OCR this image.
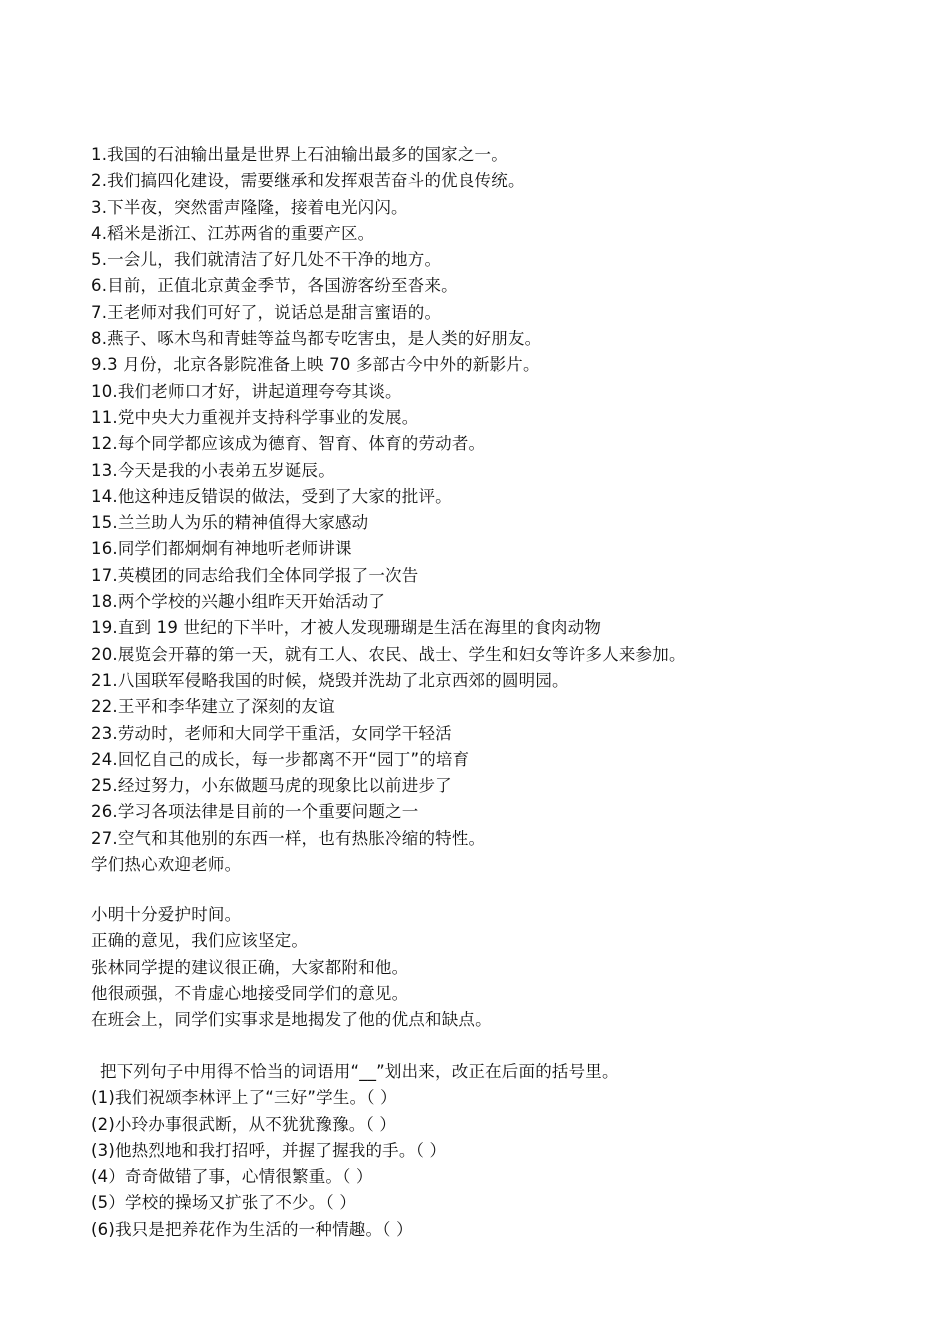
1.我国的石油输出量是世界上石油输出最多的国家之一。
2.我们搞四化建设，需要继承和发挥艰苦奋斗的优良传统。
3.下半夜，突然雷声隆隆，接着电光闪闪。
4.稻米是浙江、江苏两省的重要产区。
5.一会儿，我们就清洁了好几处不干净的地方。
6.目前，正值北京黄金季节，各国游客纷至沓来。
7.王老师对我们可好了，说话总是甜言蜜语的。
8.燕子、啄木鸟和青蛙等益鸟都专吃害虫，是人类的好朋友。
9.3 月份，北京各影院准备上映 70 多部古今中外的新影片。
10.我们老师口才好，讲起道理夸夸其谈。
11.党中央大力重视并支持科学事业的发展。
12.每个同学都应该成为德育、智育、体育的劳动者。
13.今天是我的小表弟五岁诞辰。
14.他这种违反错误的做法，受到了大家的批评。
15.兰兰助人为乐的精神值得大家感动
16.同学们都炯炯有神地听老师讲课
17.英模团的同志给我们全体同学报了一次告
18.两个学校的兴趣小组昨天开始活动了
19.直到 19 世纪的下半叶，才被人发现珊瑚是生活在海里的食肉动物
20.展览会开幕的第一天，就有工人、农民、战士、学生和妇女等许多人来参加。
21.八国联军侵略我国的时候，烧毁并洗劫了北京西郊的圆明园。
22.王平和李华建立了深刻的友谊
23.劳动时，老师和大同学干重活，女同学干轻活
24.回忆自己的成长，每一步都离不开“园丁”的培育
25.经过努力，小东做题马虎的现象比以前进步了
26.学习各项法律是目前的一个重要问题之一
27.空气和其他别的东西一样，也有热胀冷缩的特性。
学们热心欢迎老师。
小明十分爱护时间。
正确的意见，我们应该坚定。
张林同学提的建议很正确，大家都附和他。
他很顽强，不肯虚心地接受同学们的意见。
在班会上，同学们实事求是地揭发了他的优点和缺点。
把下列句子中用得不恰当的词语用“__”划出来，改正在后面的括号里。
(1)我们祝颂李林评上了“三好”学生。（ ）
(2)小玲办事很武断，从不犹犹豫豫。（ ）
(3)他热烈地和我打招呼，并握了握我的手。（ ）
(4）奇奇做错了事，心情很繁重。（ ）
(5）学校的操场又扩张了不少。（ ）
(6)我只是把养花作为生活的一种情趣。（ ）
